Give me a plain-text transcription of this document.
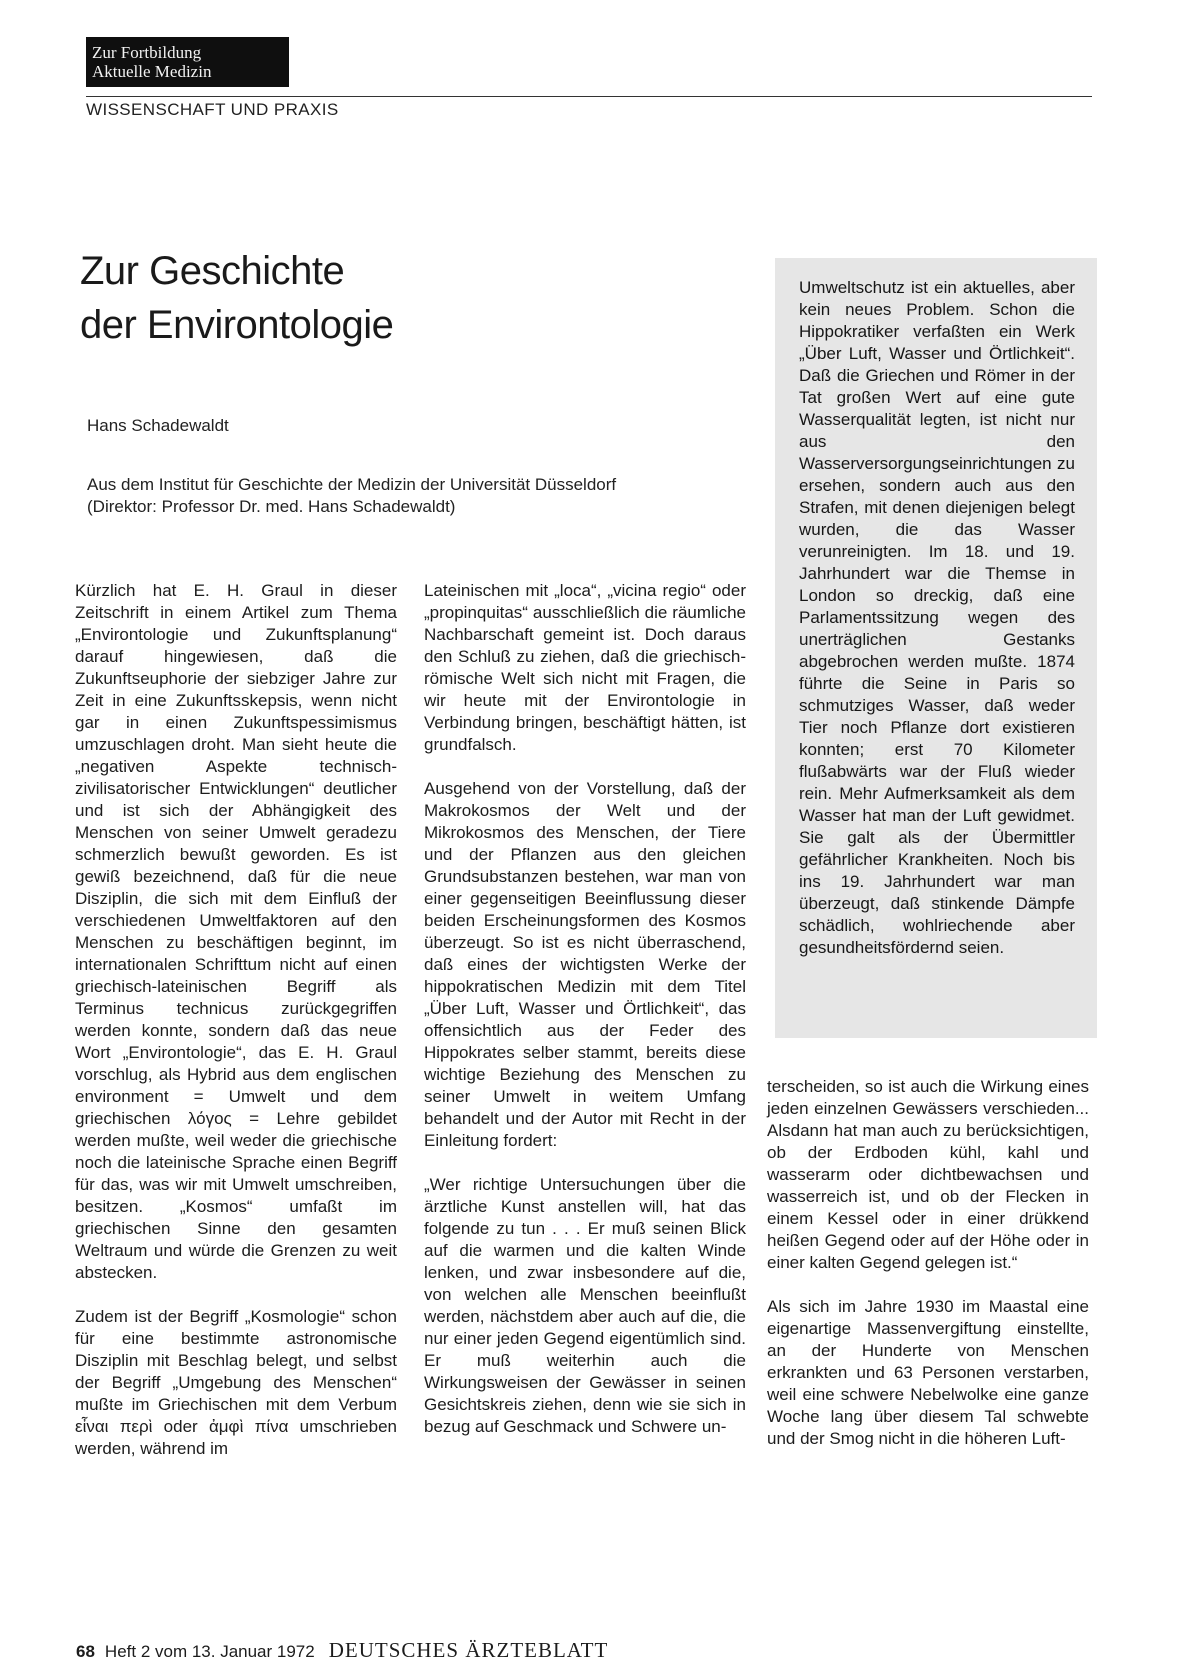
Zur Fortbildung
Aktuelle Medizin
WISSENSCHAFT UND PRAXIS
Zur Geschichte
der Environtologie
Hans Schadewaldt
Aus dem Institut für Geschichte der Medizin der Universität Düsseldorf
(Direktor: Professor Dr. med. Hans Schadewaldt)

Umweltschutz ist ein aktuelles, aber kein neues Problem. Schon die Hippokratiker verfaßten ein Werk „Über Luft, Wasser und Örtlichkeit“. Daß die Griechen und Römer in der Tat großen Wert auf eine gute Wasserqualität legten, ist nicht nur aus den Wasserversorgungseinrichtungen zu ersehen, sondern auch aus den Strafen, mit denen diejenigen belegt wurden, die das Wasser verunreinigten. Im 18. und 19. Jahrhundert war die Themse in London so dreckig, daß eine Parlamentssitzung wegen des unerträglichen Gestanks abgebrochen werden mußte. 1874 führte die Seine in Paris so schmutziges Wasser, daß weder Tier noch Pflanze dort existieren konnten; erst 70 Kilometer flußabwärts war der Fluß wieder rein. Mehr Aufmerksamkeit als dem Wasser hat man der Luft gewidmet. Sie galt als der Übermittler gefährlicher Krankheiten. Noch bis ins 19. Jahrhundert war man überzeugt, daß stinkende Dämpfe schädlich, wohlriechende aber gesundheitsfördernd seien.

Kürzlich hat E. H. Graul in dieser Zeitschrift in einem Artikel zum Thema „Environtologie und Zukunftsplanung“ darauf hingewiesen, daß die Zukunftseuphorie der siebziger Jahre zur Zeit in eine Zukunftsskepsis, wenn nicht gar in einen Zukunftspessimismus umzuschlagen droht. Man sieht heute die „negativen Aspekte technisch-zivilisatorischer Entwicklungen“ deutlicher und ist sich der Abhängigkeit des Menschen von seiner Umwelt geradezu schmerzlich bewußt geworden. Es ist gewiß bezeichnend, daß für die neue Disziplin, die sich mit dem Einfluß der verschiedenen Umweltfaktoren auf den Menschen zu beschäftigen beginnt, im internationalen Schrifttum nicht auf einen griechisch-lateinischen Begriff als Terminus technicus zurückgegriffen werden konnte, sondern daß das neue Wort „Environtologie“, das E. H. Graul vorschlug, als Hybrid aus dem englischen environment = Umwelt und dem griechischen λόγος = Lehre gebildet werden mußte, weil weder die griechische noch die lateinische Sprache einen Begriff für das, was wir mit Umwelt umschreiben, besitzen. „Kosmos“ umfaßt im griechischen Sinne den gesamten Weltraum und würde die Grenzen zu weit abstecken.

Zudem ist der Begriff „Kosmologie“ schon für eine bestimmte astronomische Disziplin mit Beschlag belegt, und selbst der Begriff „Umgebung des Menschen“ mußte im Griechischen mit dem Verbum εἶναι περὶ oder ἀμφὶ πίνα umschrieben werden, während im

Lateinischen mit „loca“, „vicina regio“ oder „propinquitas“ ausschließlich die räumliche Nachbarschaft gemeint ist. Doch daraus den Schluß zu ziehen, daß die griechisch-römische Welt sich nicht mit Fragen, die wir heute mit der Environtologie in Verbindung bringen, beschäftigt hätten, ist grundfalsch.

Ausgehend von der Vorstellung, daß der Makrokosmos der Welt und der Mikrokosmos des Menschen, der Tiere und der Pflanzen aus den gleichen Grundsubstanzen bestehen, war man von einer gegenseitigen Beeinflussung dieser beiden Erscheinungsformen des Kosmos überzeugt. So ist es nicht überraschend, daß eines der wichtigsten Werke der hippokratischen Medizin mit dem Titel „Über Luft, Wasser und Örtlichkeit“, das offensichtlich aus der Feder des Hippokrates selber stammt, bereits diese wichtige Beziehung des Menschen zu seiner Umwelt in weitem Umfang behandelt und der Autor mit Recht in der Einleitung fordert:

„Wer richtige Untersuchungen über die ärztliche Kunst anstellen will, hat das folgende zu tun . . . Er muß seinen Blick auf die warmen und die kalten Winde lenken, und zwar insbesondere auf die, von welchen alle Menschen beeinflußt werden, nächstdem aber auch auf die, die nur einer jeden Gegend eigentümlich sind. Er muß weiterhin auch die Wirkungsweisen der Gewässer in seinen Gesichtskreis ziehen, denn wie sie sich in bezug auf Geschmack und Schwere un-

terscheiden, so ist auch die Wirkung eines jeden einzelnen Gewässers verschieden... Alsdann hat man auch zu berücksichtigen, ob der Erdboden kühl, kahl und wasserarm oder dichtbewachsen und wasserreich ist, und ob der Flecken in einem Kessel oder in einer drükkend heißen Gegend oder auf der Höhe oder in einer kalten Gegend gelegen ist.“

Als sich im Jahre 1930 im Maastal eine eigenartige Massenvergiftung einstellte, an der Hunderte von Menschen erkrankten und 63 Personen verstarben, weil eine schwere Nebelwolke eine ganze Woche lang über diesem Tal schwebte und der Smog nicht in die höheren Luft-

68 Heft 2 vom 13. Januar 1972 DEUTSCHES ÄRZTEBLATT
